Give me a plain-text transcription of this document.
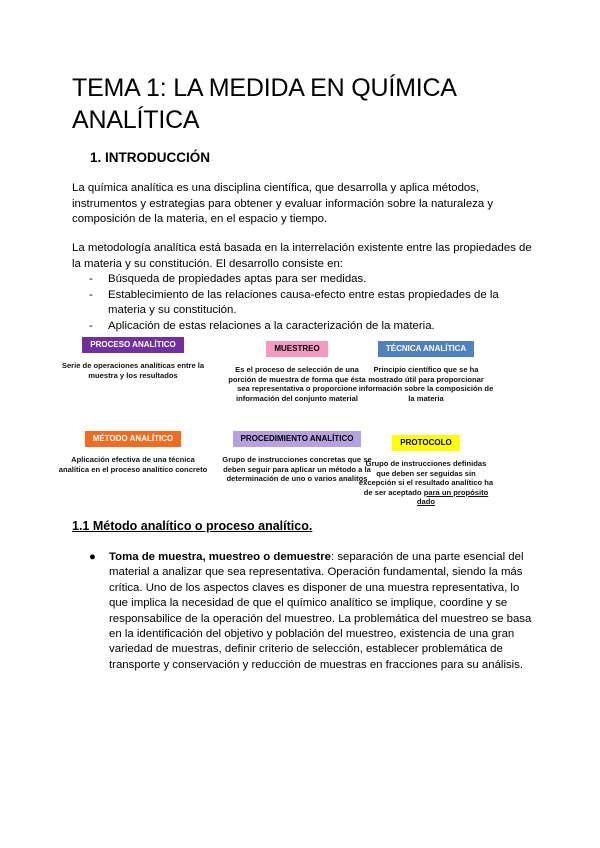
TEMA 1: LA MEDIDA EN QUÍMICA ANALÍTICA
1. INTRODUCCIÓN

La química analítica es una disciplina científica, que desarrolla y aplica métodos, instrumentos y estrategias para obtener y evaluar información sobre la naturaleza y composición de la materia, en el espacio y tiempo.

La metodología analítica está basada en la interrelación existente entre las propiedades de la materia y su constitución. El desarrollo consiste en:

- Búsqueda de propiedades aptas para ser medidas.
- Establecimiento de las relaciones causa-efecto entre estas propiedades de la materia y su constitución.
- Aplicación de estas relaciones a la caracterización de la materia.
PROCESO ANALÍTICO
Serie de operaciones analíticas entre la muestra y los resultados
MUESTREO
Es el proceso de selección de una porción de muestra de forma que ésta sea representativa o proporcione información del conjunto material
TÉCNICA ANALÍTICA
Principio científico que se ha mostrado útil para proporcionar información sobre la composición de la materia
MÉTODO ANALÍTICO
Aplicación efectiva de una técnica analítica en el proceso analítico concreto
PROCEDIMIENTO ANALÍTICO
Grupo de instrucciones concretas que se deben seguir para aplicar un método a la determinación de uno o varios analitos
PROTOCOLO
Grupo de instrucciones definidas que deben ser seguidas sin excepción si el resultado analítico ha de ser aceptado para un propósito dado
1.1 Método analítico o proceso analítico.
● Toma de muestra, muestreo o demuestre: separación de una parte esencial del material a analizar que sea representativa. Operación fundamental, siendo la más crítica. Uno de los aspectos claves es disponer de una muestra representativa, lo que implica la necesidad de que el químico analítico se implique, coordine y se responsabilice de la operación del muestreo. La problemática del muestreo se basa en la identificación del objetivo y población del muestreo, existencia de una gran variedad de muestras, definir criterio de selección, establecer problemática de transporte y conservación y reducción de muestras en fracciones para su análisis.
